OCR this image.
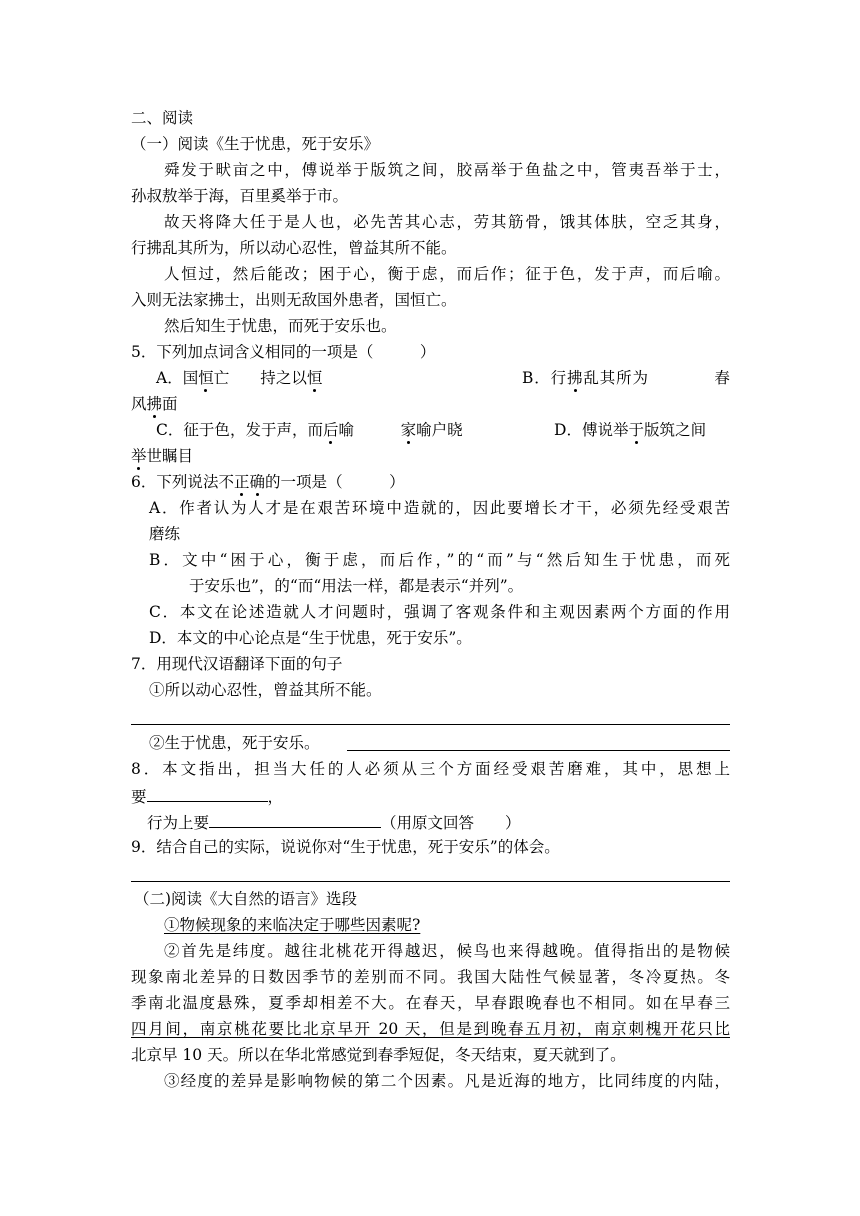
二、阅读
（一）阅读《生于忧患，死于安乐》
舜发于畎亩之中，傅说举于版筑之间，胶鬲举于鱼盐之中，管夷吾举于士，
孙叔敖举于海，百里奚举于市。
故天将降大任于是人也，必先苦其心志，劳其筋骨，饿其体肤，空乏其身，
行拂乱其所为，所以动心忍性，曾益其所不能。
人恒过，然后能改；困于心，衡于虑，而后作；征于色，发于声，而后喻。
入则无法家拂士，出则无敌国外患者，国恒亡。
然后知生于忧患，而死于安乐也。
5．下列加点词含义相同的一项是（　　　）
A．国恒亡　　 持之以恒	B．行拂乱其所为　　　　	春
风拂面
C．征于色，发于声，而后喻　　　	家喻户晓	D．傅说举于版筑之间
举世瞩目
6．下列说法不正确的一项是（　　　	）
A．作者认为人才是在艰苦环境中造就的，因此要增长才干，必须先经受艰苦
磨练
B．文中“困于心，衡于虑，而后作，”的“而”与“然后知生于忧患，而死
于安乐也”，的“而“用法一样，都是表示“并列”。
C．本文在论述造就人才问题时，强调了客观条件和主观因素两个方面的作用
D．本文的中心论点是“生于忧患，死于安乐”。
7．用现代汉语翻译下面的句子
①所以动心忍性，曾益其所不能。
②生于忧患，死于安乐。
8．本文指出，担当大任的人必须从三个方面经受艰苦磨难，其中，思想上
要	，
行为上要	（用原文回答　　）
9．结合自己的实际，说说你对“生于忧患，死于安乐”的体会。
（二)阅读《大自然的语言》选段
①物候现象的来临决定于哪些因素呢?
②首先是纬度。越往北桃花开得越迟，候鸟也来得越晚。值得指出的是物候
现象南北差异的日数因季节的差别而不同。我国大陆性气候显著，冬冷夏热。冬
季南北温度悬殊，夏季却相差不大。在春天，早春跟晚春也不相同。如在早春三
四月间，南京桃花要比北京早开 20 天，但是到晚春五月初，南京刺槐开花只比
北京早 10 天。所以在华北常感觉到春季短促，冬天结束，夏天就到了。
③经度的差异是影响物候的第二个因素。凡是近海的地方，比同纬度的内陆，
